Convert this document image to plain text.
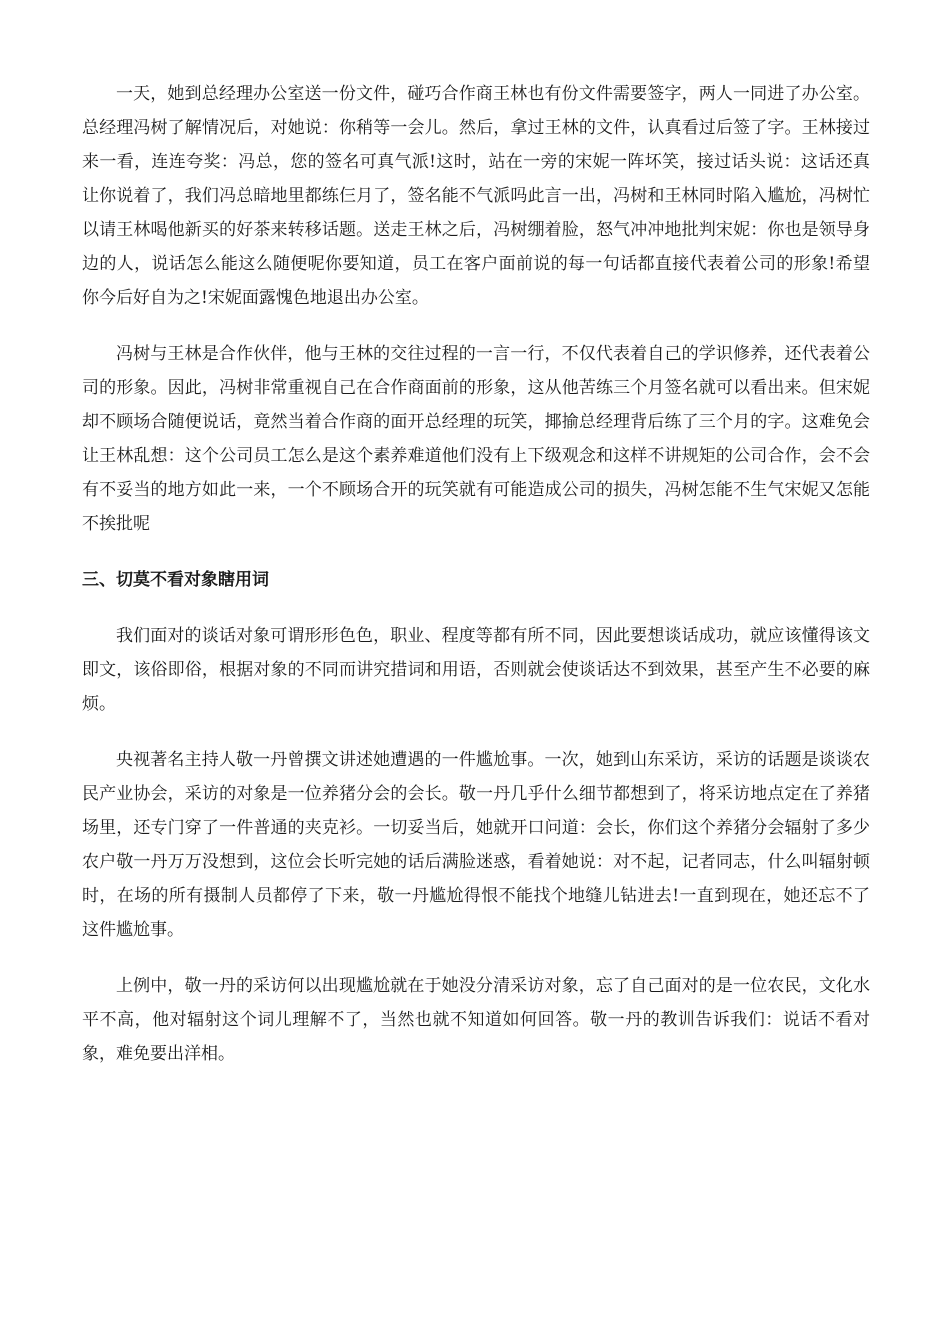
一天，她到总经理办公室送一份文件，碰巧合作商王林也有份文件需要签字，两人一同进了办公室。总经理冯树了解情况后，对她说：你稍等一会儿。然后，拿过王林的文件，认真看过后签了字。王林接过来一看，连连夸奖：冯总，您的签名可真气派!这时，站在一旁的宋妮一阵坏笑，接过话头说：这话还真让你说着了，我们冯总暗地里都练仨月了，签名能不气派吗此言一出，冯树和王林同时陷入尴尬，冯树忙以请王林喝他新买的好茶来转移话题。送走王林之后，冯树绷着脸，怒气冲冲地批判宋妮：你也是领导身边的人，说话怎么能这么随便呢你要知道，员工在客户面前说的每一句话都直接代表着公司的形象!希望你今后好自为之!宋妮面露愧色地退出办公室。

冯树与王林是合作伙伴，他与王林的交往过程的一言一行，不仅代表着自己的学识修养，还代表着公司的形象。因此，冯树非常重视自己在合作商面前的形象，这从他苦练三个月签名就可以看出来。但宋妮却不顾场合随便说话，竟然当着合作商的面开总经理的玩笑，揶揄总经理背后练了三个月的字。这难免会让王林乱想：这个公司员工怎么是这个素养难道他们没有上下级观念和这样不讲规矩的公司合作，会不会有不妥当的地方如此一来，一个不顾场合开的玩笑就有可能造成公司的损失，冯树怎能不生气宋妮又怎能不挨批呢

三、切莫不看对象瞎用词

我们面对的谈话对象可谓形形色色，职业、程度等都有所不同，因此要想谈话成功，就应该懂得该文即文，该俗即俗，根据对象的不同而讲究措词和用语，否则就会使谈话达不到效果，甚至产生不必要的麻烦。

央视著名主持人敬一丹曾撰文讲述她遭遇的一件尴尬事。一次，她到山东采访，采访的话题是谈谈农民产业协会，采访的对象是一位养猪分会的会长。敬一丹几乎什么细节都想到了，将采访地点定在了养猪场里，还专门穿了一件普通的夹克衫。一切妥当后，她就开口问道：会长，你们这个养猪分会辐射了多少农户敬一丹万万没想到，这位会长听完她的话后满脸迷惑，看着她说：对不起，记者同志，什么叫辐射顿时，在场的所有摄制人员都停了下来，敬一丹尴尬得恨不能找个地缝儿钻进去!一直到现在，她还忘不了这件尴尬事。

上例中，敬一丹的采访何以出现尴尬就在于她没分清采访对象，忘了自己面对的是一位农民，文化水平不高，他对辐射这个词儿理解不了，当然也就不知道如何回答。敬一丹的教训告诉我们：说话不看对象，难免要出洋相。
